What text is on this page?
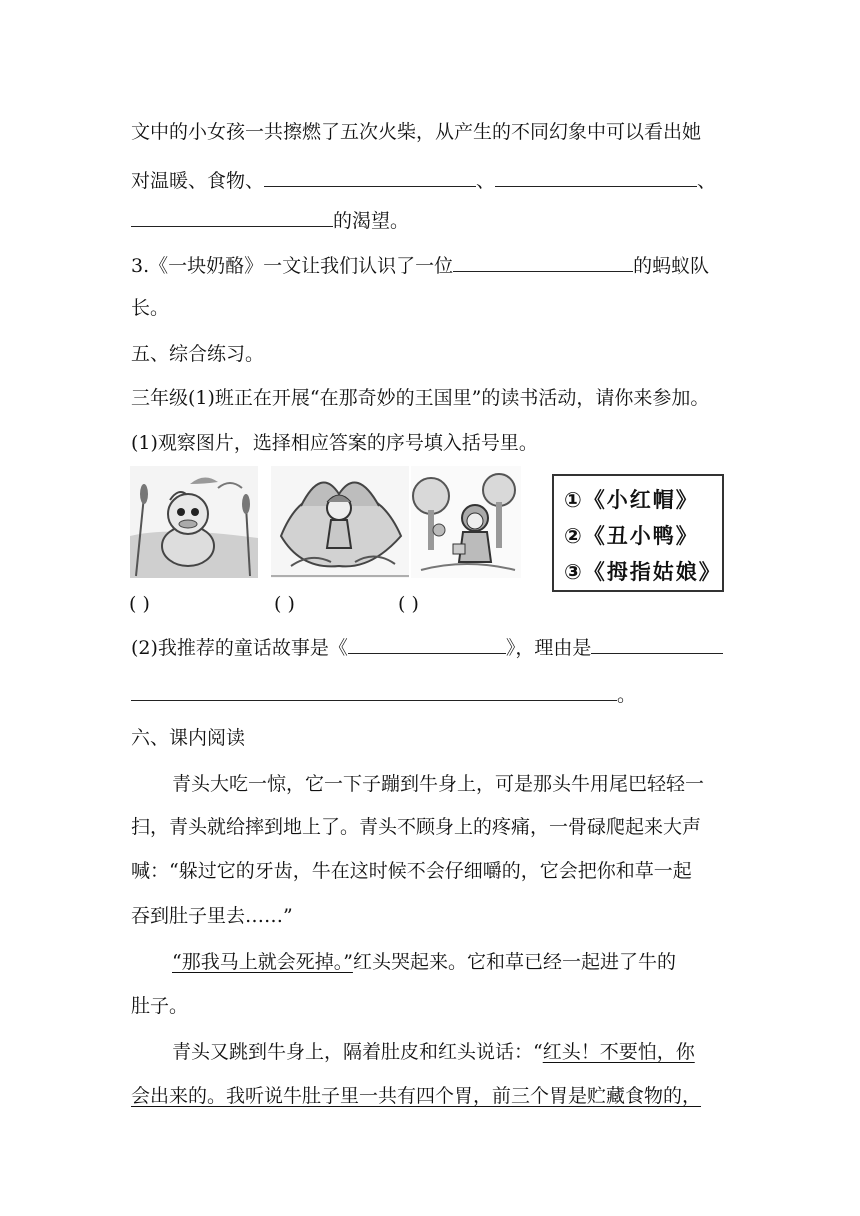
文中的小女孩一共擦燃了五次火柴，从产生的不同幻象中可以看出她
对温暖、食物、	、	、
的渴望。
3.《一块奶酪》一文让我们认识了一位	的蚂蚁队
长。
五、综合练习。
三年级(1)班正在开展“在那奇妙的王国里”的读书活动，请你来参加。
(1)观察图片，选择相应答案的序号填入括号里。
①《小红帽》
②《丑小鸭》
③《拇指姑娘》
( )	( )	( )
(2)我推荐的童话故事是《	》，理由是
。
六、课内阅读
青头大吃一惊，它一下子蹦到牛身上，可是那头牛用尾巴轻轻一
扫，青头就给摔到地上了。青头不顾身上的疼痛，一骨碌爬起来大声
喊：“躲过它的牙齿，牛在这时候不会仔细嚼的，它会把你和草一起
吞到肚子里去……”
“那我马上就会死掉。”红头哭起来。它和草已经一起进了牛的
肚子。
青头又跳到牛身上，隔着肚皮和红头说话：“红头！不要怕，你
会出来的。我听说牛肚子里一共有四个胃，前三个胃是贮藏食物的，
